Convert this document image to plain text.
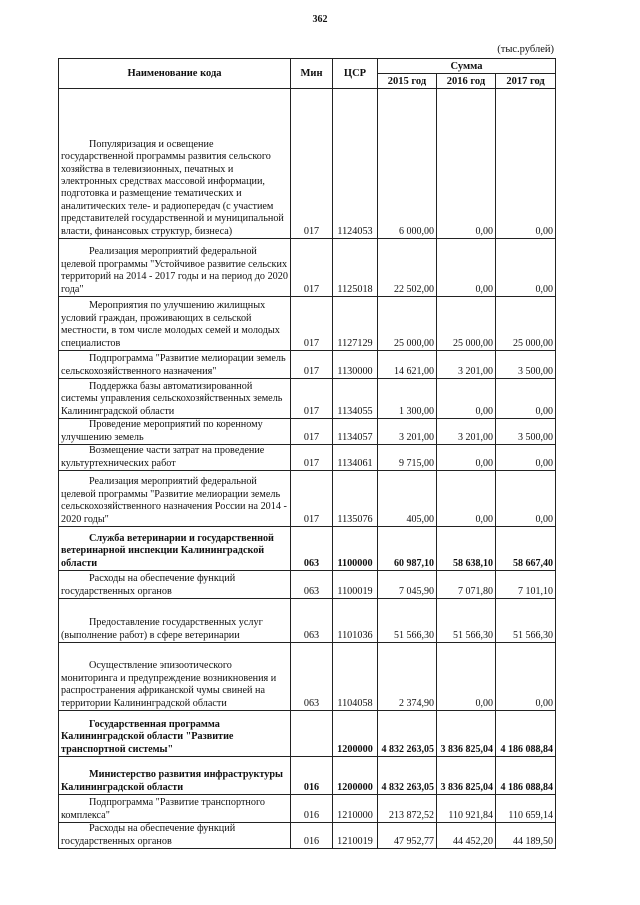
362
(тыс.рублей)
Наименование кода	Мин	ЦСР	Сумма		
			2015 год	2016 год	2017 год
Популяризация и освещение государственной программы развития сельского хозяйства в телевизионных, печатных и электронных средствах массовой информации, подготовка и размещение тематических и аналитических теле- и радиопередач (с участием представителей государственной и муниципальной власти, финансовых структур, бизнеса)	017	1124053	6 000,00	0,00	0,00
Реализация мероприятий федеральной целевой программы "Устойчивое развитие сельских территорий на 2014 - 2017 годы и на период до 2020 года"	017	1125018	22 502,00	0,00	0,00
Мероприятия по улучшению жилищных условий граждан, проживающих в сельской местности, в том числе молодых семей и молодых специалистов	017	1127129	25 000,00	25 000,00	25 000,00
Подпрограмма "Развитие мелиорации земель сельскохозяйственного назначения"	017	1130000	14 621,00	3 201,00	3 500,00
Поддержка базы автоматизированной системы управления сельскохозяйственных земель Калининградской области	017	1134055	1 300,00	0,00	0,00
Проведение мероприятий по коренному улучшению земель	017	1134057	3 201,00	3 201,00	3 500,00
Возмещение части затрат на проведение культуртехнических работ	017	1134061	9 715,00	0,00	0,00
Реализация мероприятий федеральной целевой программы "Развитие мелиорации земель сельскохозяйственного назначения России на 2014 - 2020 годы"	017	1135076	405,00	0,00	0,00
Служба ветеринарии и государственной ветеринарной инспекции Калининградской области	063	1100000	60 987,10	58 638,10	58 667,40
Расходы на обеспечение функций государственных органов	063	1100019	7 045,90	7 071,80	7 101,10
Предоставление государственных услуг (выполнение работ) в сфере ветеринарии	063	1101036	51 566,30	51 566,30	51 566,30
Осуществление эпизоотического мониторинга и предупреждение возникновения и распространения африканской чумы свиней на территории Калининградской области	063	1104058	2 374,90	0,00	0,00
Государственная программа Калининградской области "Развитие транспортной системы"		1200000	4 832 263,05	3 836 825,04	4 186 088,84
Министерство развития инфраструктуры Калининградской области	016	1200000	4 832 263,05	3 836 825,04	4 186 088,84
Подпрограмма "Развитие транспортного комплекса"	016	1210000	213 872,52	110 921,84	110 659,14
Расходы на обеспечение функций государственных органов	016	1210019	47 952,77	44 452,20	44 189,50
